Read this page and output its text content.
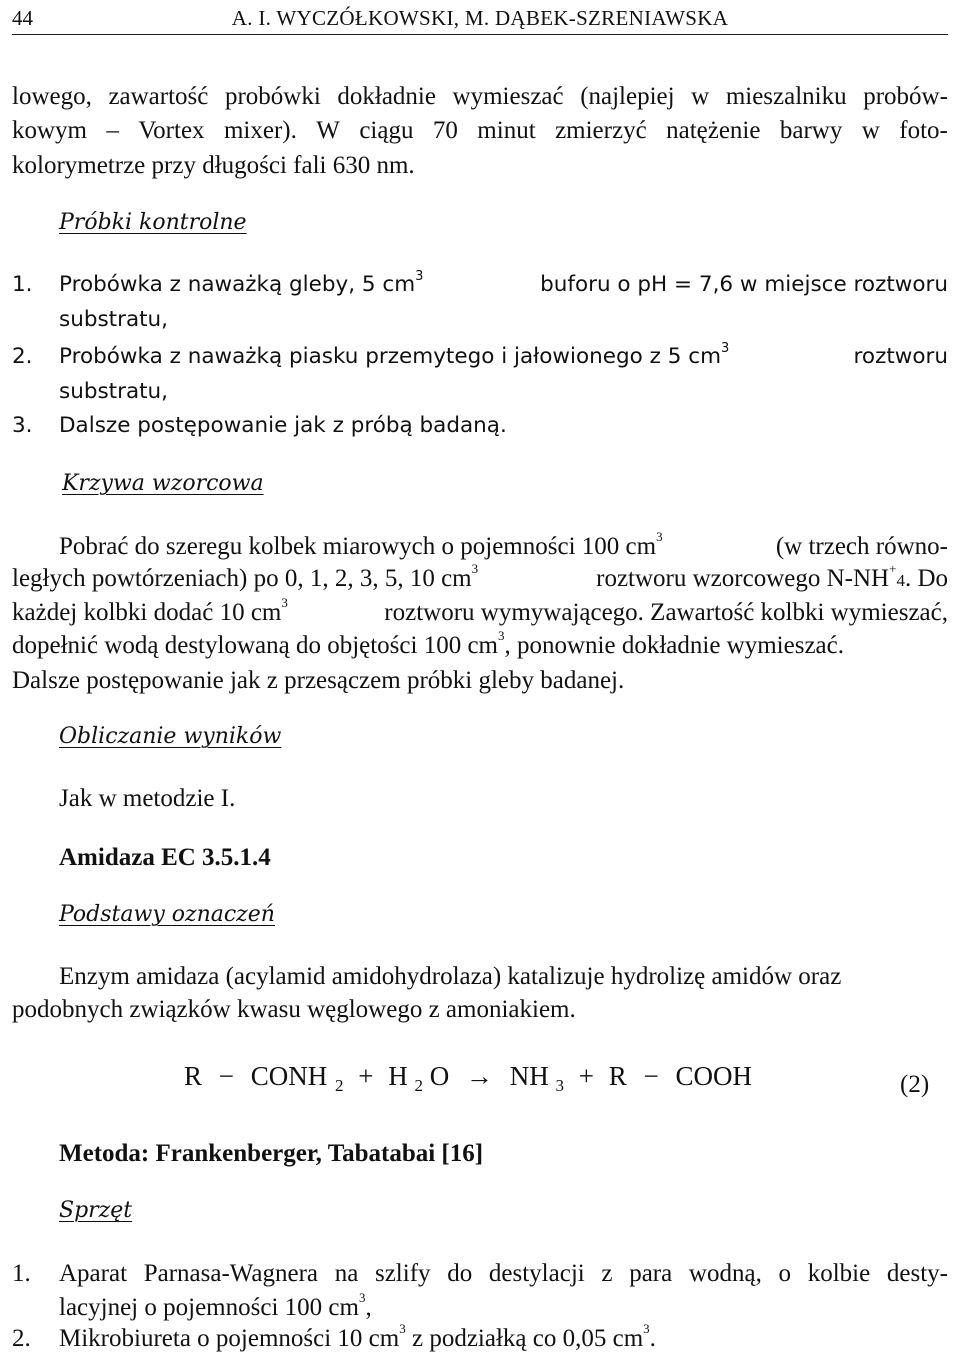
44	A. I. WYCZÓŁKOWSKI, M. DĄBEK-SZRENIAWSKA
lowego, zawartość probówki dokładnie wymieszać (najlepiej w mieszalniku probów-
kowym – Vortex mixer). W ciągu 70 minut zmierzyć natężenie barwy w foto-
kolorymetrze przy długości fali 630 nm.
Próbki kontrolne
1. Probówka z naważką gleby, 5 $cm^3$	buforu o pH = 7,6 w miejsce roztworu
substratu,
2. Probówka z naważką piasku przemytego i jałowionego z 5 $cm^3$	roztworu
substratu,
3. Dalsze postępowanie jak z próbą badaną.
Krzywa wzorcowa
Pobrać do szeregu kolbek miarowych o pojemności 100 $cm^3$	(w trzech równo-
ległych powtórzeniach) po 0, 1, 2, 3, 5, 10 $cm^3$	roztworu wzorcowego N-NH+4. Do
każdej kolbki dodać 10 $cm^3$	roztworu wymywającego. Zawartość kolbki wymieszać,
dopełnić wodą destylowaną do objętości 100 $cm^3$, ponownie dokładnie wymieszać.
Dalsze postępowanie jak z przesączem próbki gleby badanej.
Obliczanie wyników
Jak w metodzie I.
Amidaza EC 3.5.1.4
Podstawy oznaczeń
Enzym amidaza (acylamid amidohydrolaza) katalizuje hydrolizę amidów oraz
podobnych związków kwasu węglowego z amoniakiem.
R − CONH 2 + H 2 O → NH 3 + R − COOH	(2)
Metoda: Frankenberger, Tabatabai [16]
Sprzęt
1. Aparat Parnasa-Wagnera na szlify do destylacji z para wodną, o kolbie desty-
lacyjnej o pojemności 100 $cm^3$,
2. Mikrobiureta o pojemności 10 $cm^3$ z podziałką co 0,05 $cm^3$.
